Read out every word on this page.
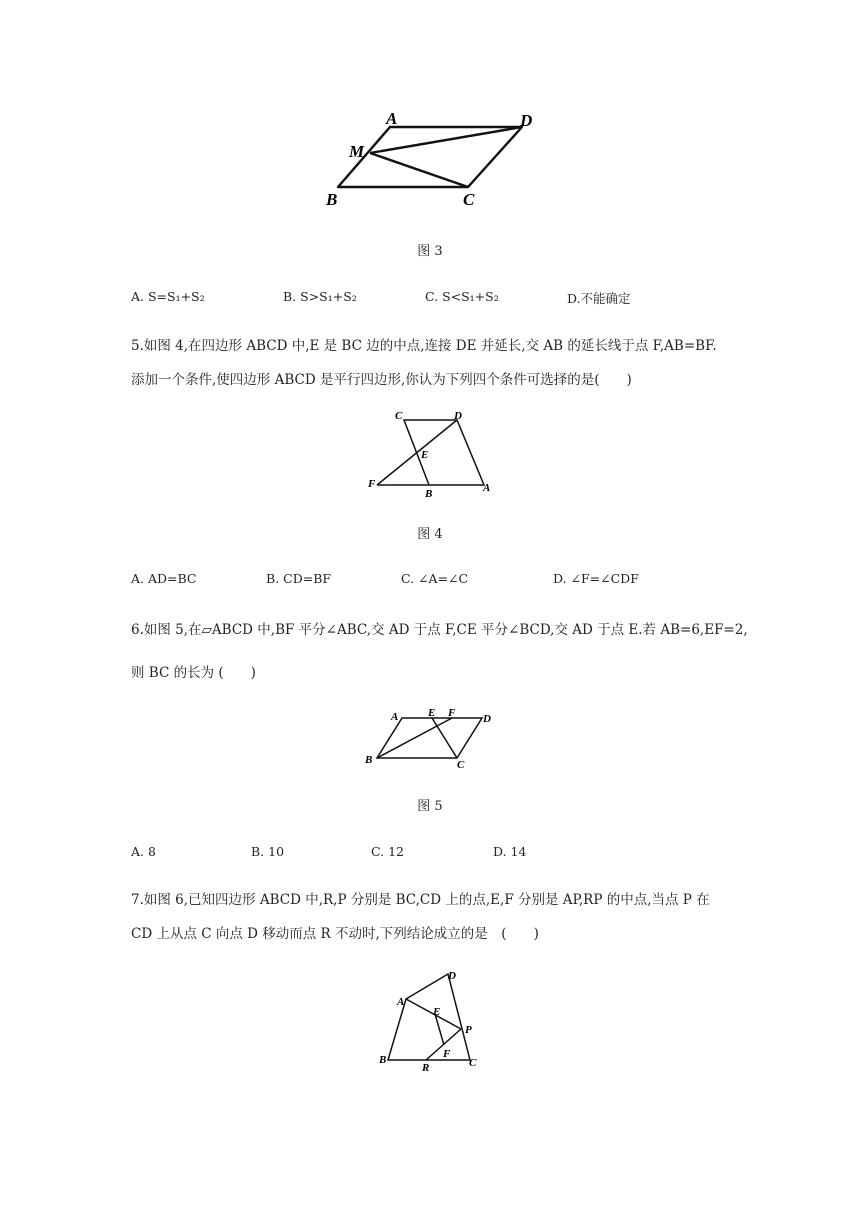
A	D
M
B	C
图 3
A. S=S₁+S₂	B. S>S₁+S₂	C. S<S₁+S₂	D.不能确定
5.如图 4,在四边形 ABCD 中,E 是 BC 边的中点,连接 DE 并延长,交 AB 的延长线于点 F,AB=BF.
添加一个条件,使四边形 ABCD 是平行四边形,你认为下列四个条件可选择的是(　　)
C	D
E
F
B	A
图 4
A. AD=BC	B. CD=BF	C. ∠A=∠C	D. ∠F=∠CDF
6.如图 5,在▱ABCD 中,BF 平分∠ABC,交 AD 于点 F,CE 平分∠BCD,交 AD 于点 E.若 AB=6,EF=2,
则 BC 的长为 (　　)
A	E F	D
B	C
图 5
A. 8	B. 10	C. 12	D. 14
7.如图 6,已知四边形 ABCD 中,R,P 分别是 BC,CD 上的点,E,F 分别是 AP,RP 的中点,当点 P 在
CD 上从点 C 向点 D 移动而点 R 不动时,下列结论成立的是　(　　)
D
A
E
P
B	F
C
R
